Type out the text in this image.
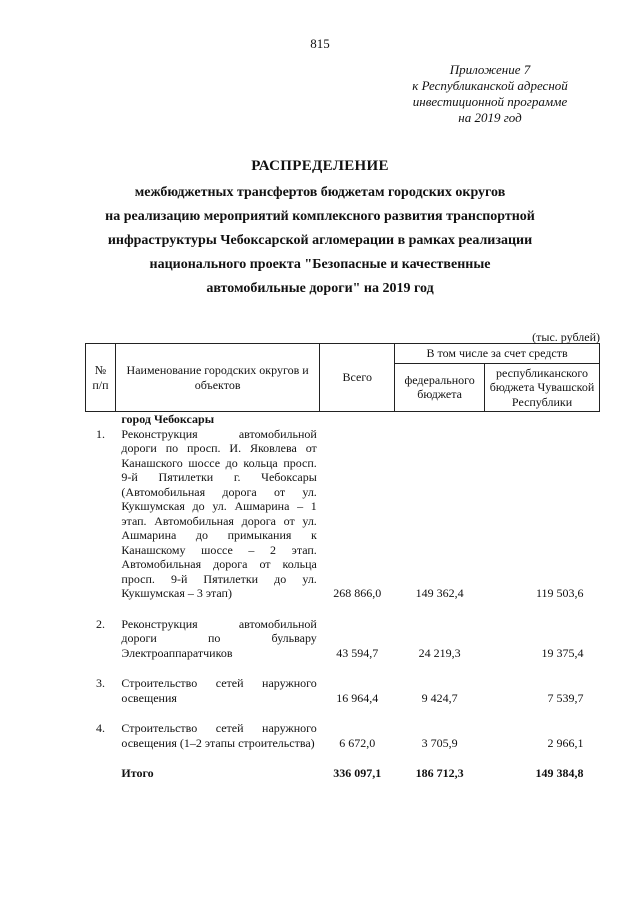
815
Приложение 7
к Республиканской адресной
инвестиционной программе
на 2019 год
РАСПРЕДЕЛЕНИЕ
межбюджетных трансфертов бюджетам городских округов
на реализацию мероприятий комплексного развития транспортной
инфраструктуры Чебоксарской агломерации в рамках реализации
национального проекта "Безопасные и качественные
автомобильные дороги" на 2019 год
(тыс. рублей)
№ п/п	Наименование городских округов и объектов	Всего	В том числе за счет средств	
			федерального бюджета	республиканского бюджета Чувашской Республики
	город Чебоксары			
1.	Реконструкция автомобильной дороги по просп. И. Яковлева от Канашского шоссе до кольца просп. 9-й Пятилетки г. Чебоксары (Автомобильная дорога от ул. Кукшумская до ул. Ашмарина – 1 этап. Автомобильная дорога от ул. Ашмарина до примыкания к Канашскому шоссе – 2 этап. Автомобильная дорога от кольца просп. 9-й Пятилетки до ул. Кукшумская – 3 этап)	268 866,0	149 362,4	119 503,6

2.	Реконструкция автомобильной дороги по бульвару Электроаппаратчиков	43 594,7	24 219,3	19 375,4

3.	Строительство сетей наружного освещения	16 964,4	9 424,7	7 539,7

4.	Строительство сетей наружного освещения (1–2 этапы строительства)	6 672,0	3 705,9	2 966,1

	Итого	336 097,1	186 712,3	149 384,8
